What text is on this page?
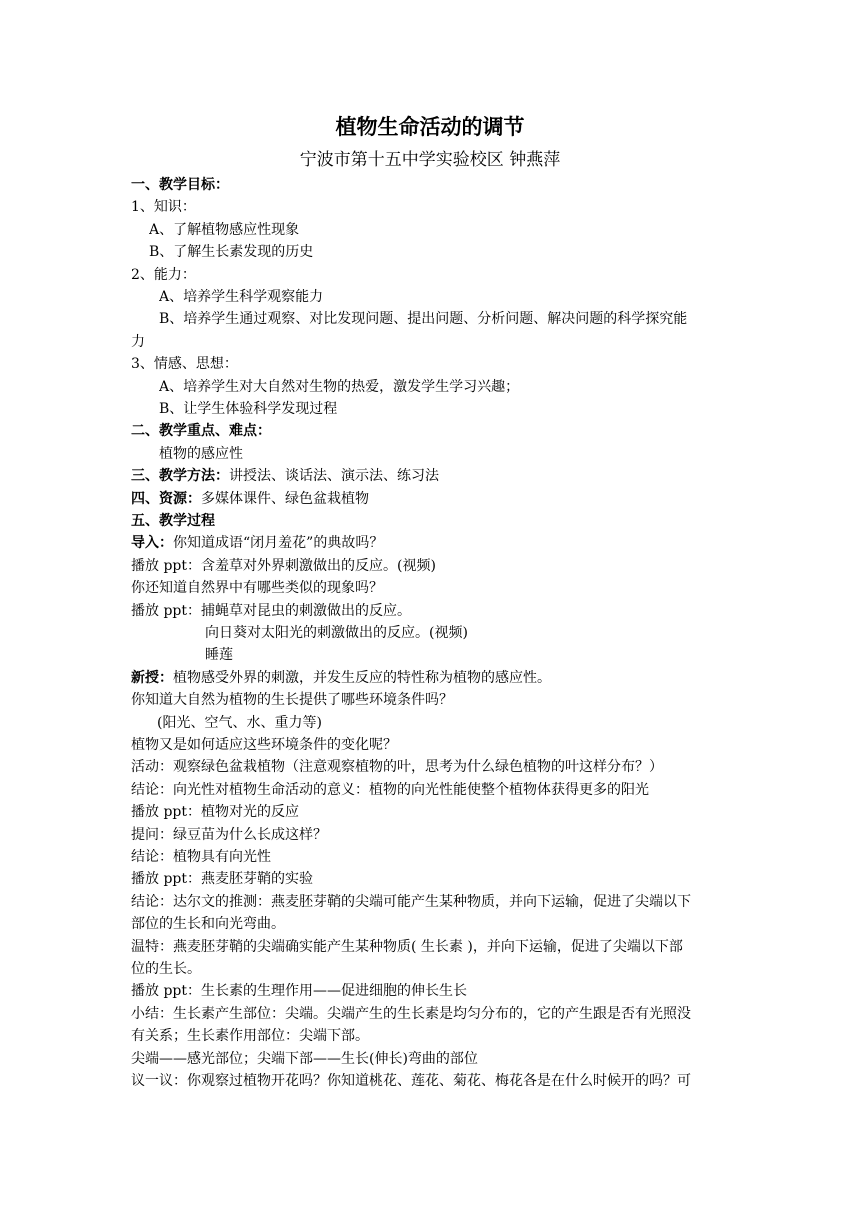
植物生命活动的调节
宁波市第十五中学实验校区 钟燕萍
一、教学目标：
1、知识：
A、了解植物感应性现象
B、了解生长素发现的历史
2、能力：
A、培养学生科学观察能力
B、培养学生通过观察、对比发现问题、提出问题、分析问题、解决问题的科学探究能
力
3、情感、思想：
A、培养学生对大自然对生物的热爱，激发学生学习兴趣；
B、让学生体验科学发现过程
二、教学重点、难点：
植物的感应性
三、教学方法：讲授法、谈话法、演示法、练习法
四、资源：多媒体课件、绿色盆栽植物
五、教学过程
导入：你知道成语“闭月羞花”的典故吗？
播放 ppt：含羞草对外界刺激做出的反应。(视频)
你还知道自然界中有哪些类似的现象吗？
播放 ppt：捕蝇草对昆虫的刺激做出的反应。
向日葵对太阳光的刺激做出的反应。(视频)
睡莲
新授：植物感受外界的刺激，并发生反应的特性称为植物的感应性。
你知道大自然为植物的生长提供了哪些环境条件吗？
(阳光、空气、水、重力等)
植物又是如何适应这些环境条件的变化呢？
活动：观察绿色盆栽植物（注意观察植物的叶，思考为什么绿色植物的叶这样分布？）
结论：向光性对植物生命活动的意义：植物的向光性能使整个植物体获得更多的阳光
播放 ppt：植物对光的反应
提问：绿豆苗为什么长成这样？
结论：植物具有向光性
播放 ppt：燕麦胚芽鞘的实验
结论：达尔文的推测：燕麦胚芽鞘的尖端可能产生某种物质，并向下运输，促进了尖端以下
部位的生长和向光弯曲。
温特：燕麦胚芽鞘的尖端确实能产生某种物质( 生长素 )，并向下运输，促进了尖端以下部
位的生长。
播放 ppt：生长素的生理作用——促进细胞的伸长生长
小结：生长素产生部位：尖端。尖端产生的生长素是均匀分布的，它的产生跟是否有光照没
有关系；生长素作用部位：尖端下部。
尖端——感光部位；尖端下部——生长(伸长)弯曲的部位
议一议：你观察过植物开花吗？你知道桃花、莲花、菊花、梅花各是在什么时候开的吗？可
